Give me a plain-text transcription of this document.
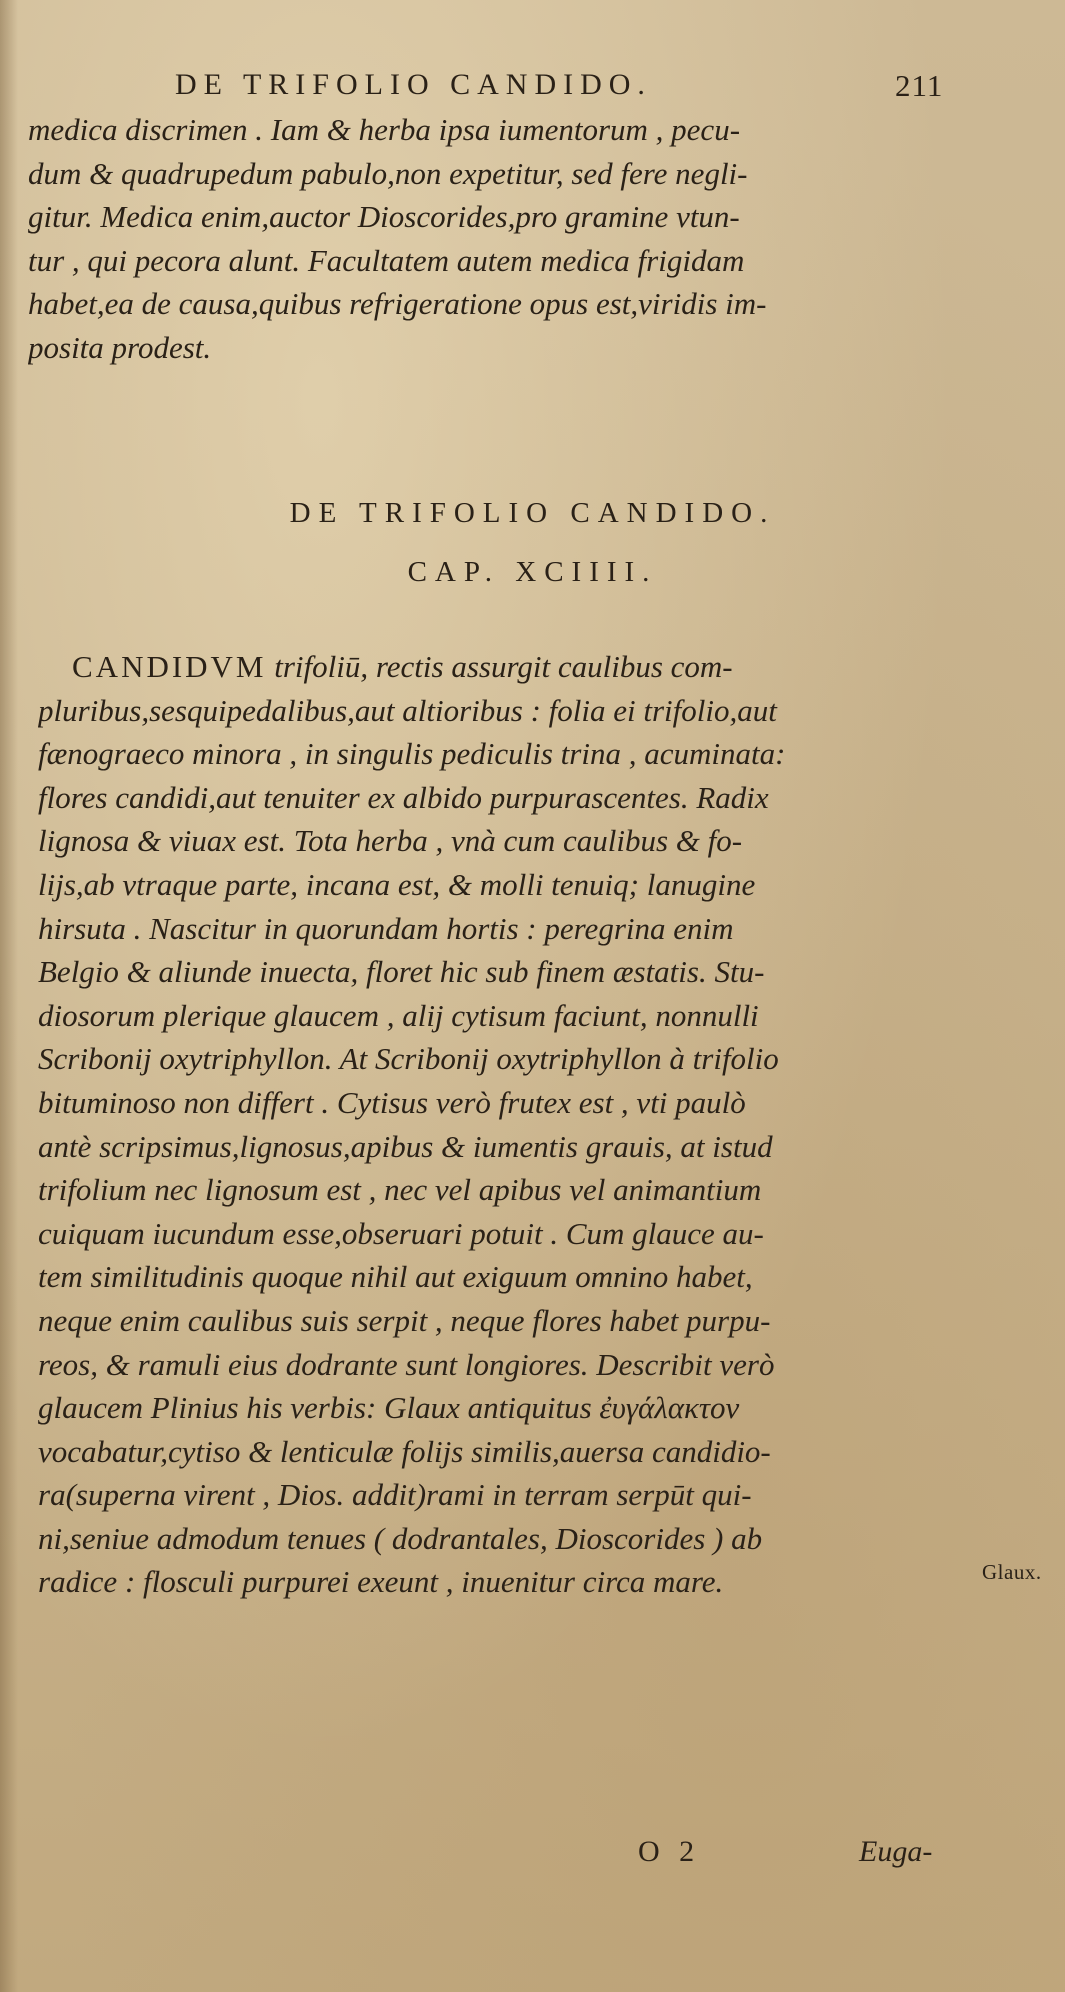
DE TRIFOLIO CANDIDO.	211
medica discrimen . Iam & herba ipsa iumentorum , pecu-
dum & quadrupedum pabulo,non expetitur, sed fere negli-
gitur. Medica enim,auctor Dioscorides,pro gramine vtun-
tur , qui pecora alunt. Facultatem autem medica frigidam
habet,ea de causa,quibus refrigeratione opus est,viridis im-
posita prodest.
DE TRIFOLIO CANDIDO.
CAP. XCIIII.
CANDIDVM trifoliū, rectis assurgit caulibus com-
pluribus,sesquipedalibus,aut altioribus : folia ei trifolio,aut
fænograeco minora , in singulis pediculis trina , acuminata:
flores candidi,aut tenuiter ex albido purpurascentes. Radix
lignosa & viuax est. Tota herba , vnà cum caulibus & fo-
lijs,ab vtraque parte, incana est, & molli tenuiq; lanugine
hirsuta . Nascitur in quorundam hortis : peregrina enim
Belgio & aliunde inuecta, floret hic sub finem æstatis. Stu-
diosorum plerique glaucem , alij cytisum faciunt, nonnulli
Scribonij oxytriphyllon. At Scribonij oxytriphyllon à trifolio
bituminoso non differt . Cytisus verò frutex est , vti paulò
antè scripsimus,lignosus,apibus & iumentis grauis, at istud
trifolium nec lignosum est , nec vel apibus vel animantium
cuiquam iucundum esse,obseruari potuit . Cum glauce au-
tem similitudinis quoque nihil aut exiguum omnino habet,
neque enim caulibus suis serpit , neque flores habet purpu-
reos, & ramuli eius dodrante sunt longiores. Describit verò
glaucem Plinius his verbis: Glaux antiquitus ἐυγάλακτον
vocabatur,cytiso & lenticulæ folijs similis,auersa candidio-
ra(superna virent , Dios. addit)rami in terram serpūt qui-
ni,seniue admodum tenues ( dodrantales, Dioscorides ) ab
radice : flosculi purpurei exeunt , inuenitur circa mare.	Glaux.
O 2	Euga-
